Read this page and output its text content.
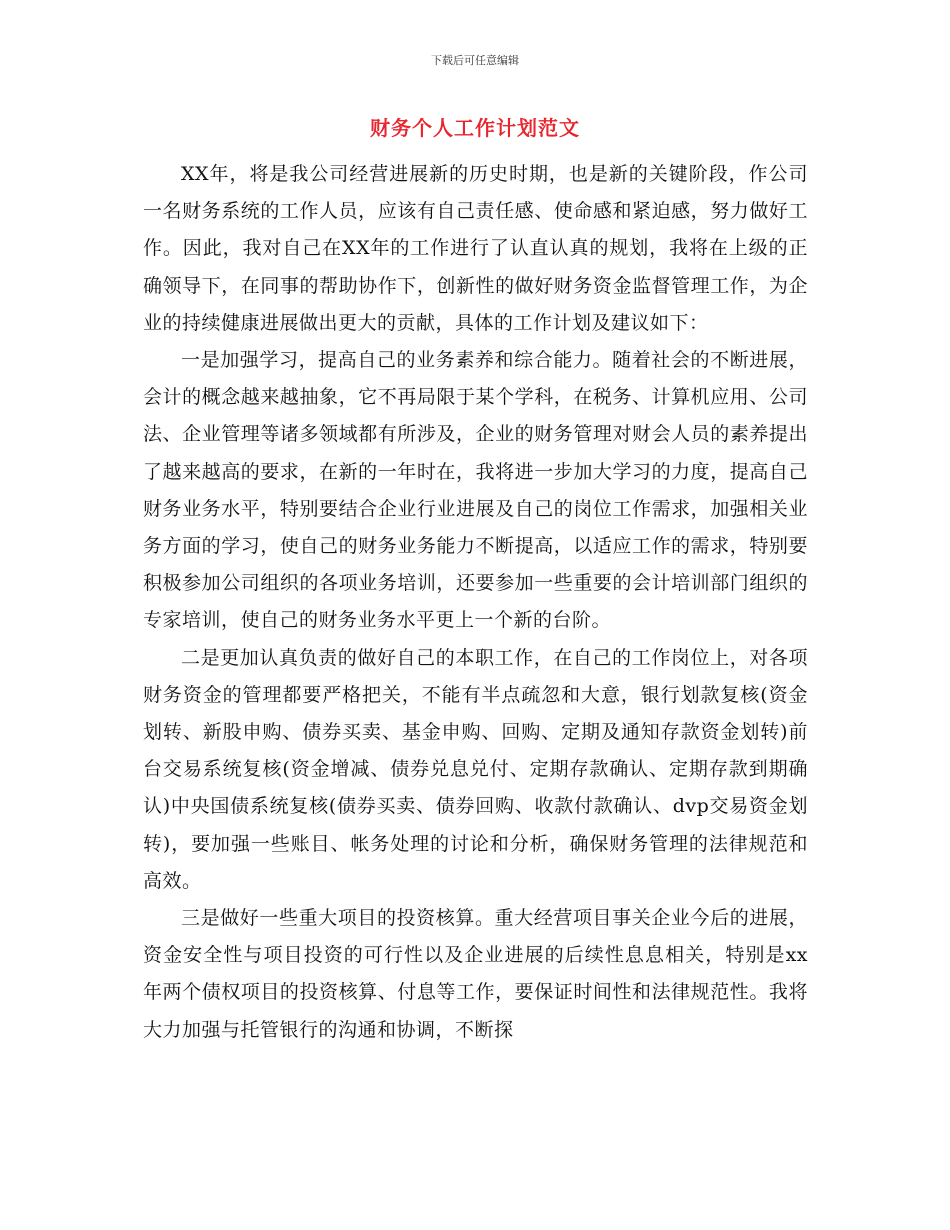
下载后可任意编辑
财务个人工作计划范文

XX年，将是我公司经营进展新的历史时期，也是新的关键阶段，作公司一名财务系统的工作人员，应该有自己责任感、使命感和紧迫感，努力做好工作。因此，我对自己在XX年的工作进行了认直认真的规划，我将在上级的正确领导下，在同事的帮助协作下，创新性的做好财务资金监督管理工作，为企业的持续健康进展做出更大的贡献，具体的工作计划及建议如下：

一是加强学习，提高自己的业务素养和综合能力。随着社会的不断进展，会计的概念越来越抽象，它不再局限于某个学科，在税务、计算机应用、公司法、企业管理等诸多领域都有所涉及，企业的财务管理对财会人员的素养提出了越来越高的要求，在新的一年时在，我将进一步加大学习的力度，提高自己财务业务水平，特别要结合企业行业进展及自己的岗位工作需求，加强相关业务方面的学习，使自己的财务业务能力不断提高，以适应工作的需求，特别要积极参加公司组织的各项业务培训，还要参加一些重要的会计培训部门组织的专家培训，使自己的财务业务水平更上一个新的台阶。

二是更加认真负责的做好自己的本职工作，在自己的工作岗位上，对各项财务资金的管理都要严格把关，不能有半点疏忽和大意，银行划款复核(资金划转、新股申购、债券买卖、基金申购、回购、定期及通知存款资金划转)前台交易系统复核(资金增减、债券兑息兑付、定期存款确认、定期存款到期确认)中央国债系统复核(债券买卖、债券回购、收款付款确认、dvp交易资金划转)，要加强一些账目、帐务处理的讨论和分析，确保财务管理的法律规范和高效。

三是做好一些重大项目的投资核算。重大经营项目事关企业今后的进展，资金安全性与项目投资的可行性以及企业进展的后续性息息相关，特别是xx年两个债权项目的投资核算、付息等工作，要保证时间性和法律规范性。我将大力加强与托管银行的沟通和协调，不断探
